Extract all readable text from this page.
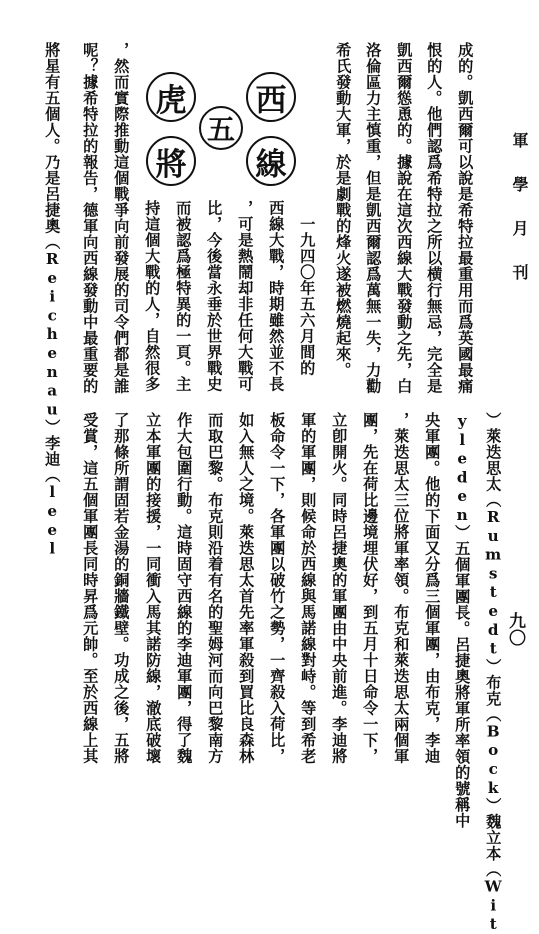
軍學月刊
九〇
西
線
五
虎
將	成的。凱西爾可以說是希特拉最重用而爲英國最痛
恨的人。他們認爲希特拉之所以横行無忌，完全是
凱西爾慫恿的。據說在這次西線大戰發動之先，白
洛倫區力主慎重，但是凱西爾認爲萬無一失，力勸
希氏發動大軍，於是劇戰的烽火遂被燃燒起來。
　一九四〇年五六月間的
西線大戰，時期雖然並不長
，可是熱鬧却非任何大戰可
比，今後當永垂於世界戰史
而被認爲極特異的一頁。主
持這個大戰的人，自然很多
，然而實際推動這個戰爭向前發展的司令們都是誰
呢？據希特拉的報告，德軍向西線發動中最重要的
將星有五個人。乃是呂捷奧（Reichenau）李迪（leel
）萊迭思太（Rumstedt）布克（Bock）魏立本（Wit
yleden）五個軍團長。呂捷奧將軍所率領的號稱中
央軍團。他的下面又分爲三個軍團，由布克，李迪
，萊迭思太三位將軍率領。布克和萊迭思太兩個軍
團，先在荷比邊境埋伏好，到五月十日命令一下，
立卽開火。同時呂捷奧的軍團由中央前進。李迪將
軍的軍團，則候命於西線與馬諾線對峙。等到希老
板命令一下，各軍團以破竹之勢，一齊殺入荷比，
如入無人之境。萊迭思太首先率軍殺到買比良森林
而取巴黎。布克則沿着有名的聖姆河而向巴黎南方
作大包圍行動。這時固守西線的李迪軍團，得了魏
立本軍團的接援，一同衝入馬其諾防線，澈底破壞
了那條所謂固若金湯的銅牆鐵壁。功成之後，五將
受賞，這五個軍團長同時昇爲元帥。至於西線上其
